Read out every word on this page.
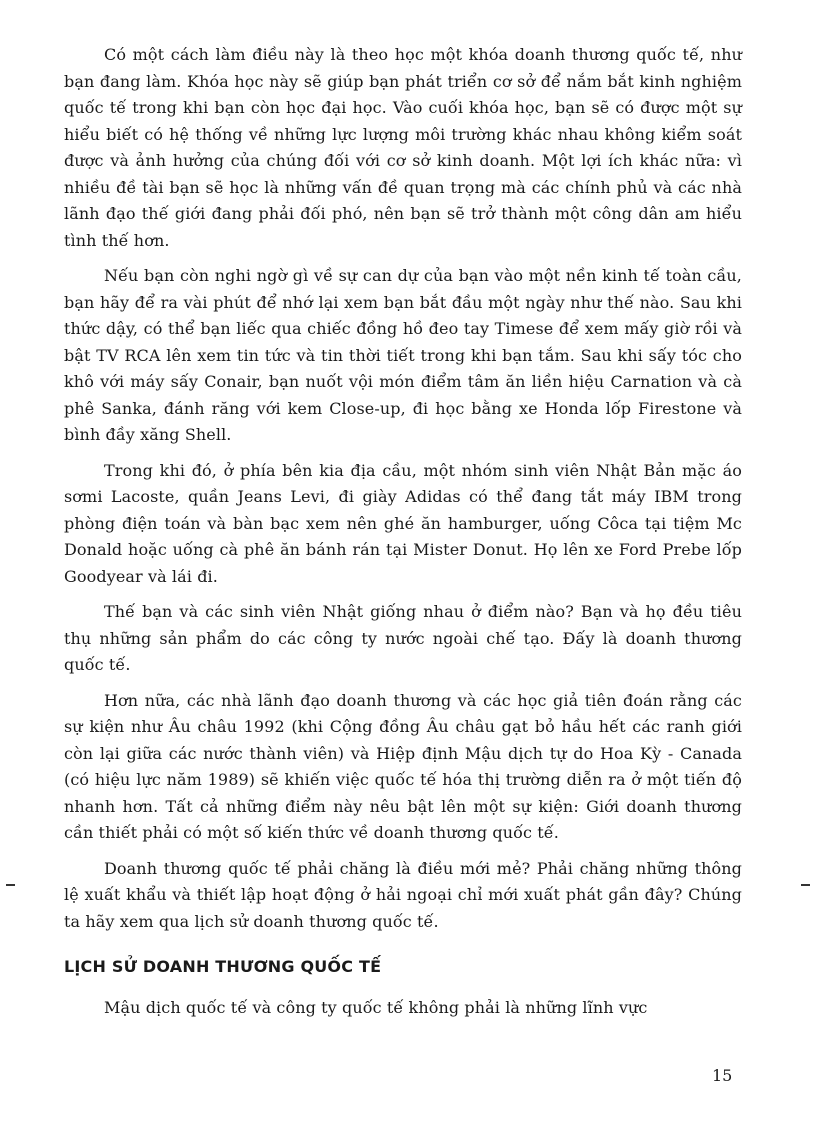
Có một cách làm điều này là theo học một khóa doanh thương quốc tế, như bạn đang làm. Khóa học này sẽ giúp bạn phát triển cơ sở để nắm bắt kinh nghiệm quốc tế trong khi bạn còn học đại học. Vào cuối khóa học, bạn sẽ có được một sự hiểu biết có hệ thống về những lực lượng môi trường khác nhau không kiểm soát được và ảnh hưởng của chúng đối với cơ sở kinh doanh. Một lợi ích khác nữa: vì nhiều đề tài bạn sẽ học là những vấn đề quan trọng mà các chính phủ và các nhà lãnh đạo thế giới đang phải đối phó, nên bạn sẽ trở thành một công dân am hiểu tình thế hơn.

Nếu bạn còn nghi ngờ gì về sự can dự của bạn vào một nền kinh tế toàn cầu, bạn hãy để ra vài phút để nhớ lại xem bạn bắt đầu một ngày như thế nào. Sau khi thức dậy, có thể bạn liếc qua chiếc đồng hồ đeo tay Timese để xem mấy giờ rồi và bật TV RCA lên xem tin tức và tin thời tiết trong khi bạn tắm. Sau khi sấy tóc cho khô với máy sấy Conair, bạn nuốt vội món điểm tâm ăn liền hiệu Carnation và cà phê Sanka, đánh răng với kem Close-up, đi học bằng xe Honda lốp Firestone và bình đầy xăng Shell.

Trong khi đó, ở phía bên kia địa cầu, một nhóm sinh viên Nhật Bản mặc áo sơmi Lacoste, quần Jeans Levi, đi giày Adidas có thể đang tắt máy IBM trong phòng điện toán và bàn bạc xem nên ghé ăn hamburger, uống Côca tại tiệm Mc Donald hoặc uống cà phê ăn bánh rán tại Mister Donut. Họ lên xe Ford Prebe lốp Goodyear và lái đi.

Thế bạn và các sinh viên Nhật giống nhau ở điểm nào? Bạn và họ đều tiêu thụ những sản phẩm do các công ty nước ngoài chế tạo. Đấy là doanh thương quốc tế.

Hơn nữa, các nhà lãnh đạo doanh thương và các học giả tiên đoán rằng các sự kiện như Âu châu 1992 (khi Cộng đồng Âu châu gạt bỏ hầu hết các ranh giới còn lại giữa các nước thành viên) và Hiệp định Mậu dịch tự do Hoa Kỳ - Canada (có hiệu lực năm 1989) sẽ khiến việc quốc tế hóa thị trường diễn ra ở một tiến độ nhanh hơn. Tất cả những điểm này nêu bật lên một sự kiện: Giới doanh thương cần thiết phải có một số kiến thức về doanh thương quốc tế.

Doanh thương quốc tế phải chăng là điều mới mẻ? Phải chăng những thông lệ xuất khẩu và thiết lập hoạt động ở hải ngoại chỉ mới xuất phát gần đây? Chúng ta hãy xem qua lịch sử doanh thương quốc tế.

LỊCH SỬ DOANH THƯƠNG QUỐC TẾ

Mậu dịch quốc tế và công ty quốc tế không phải là những lĩnh vực

15
